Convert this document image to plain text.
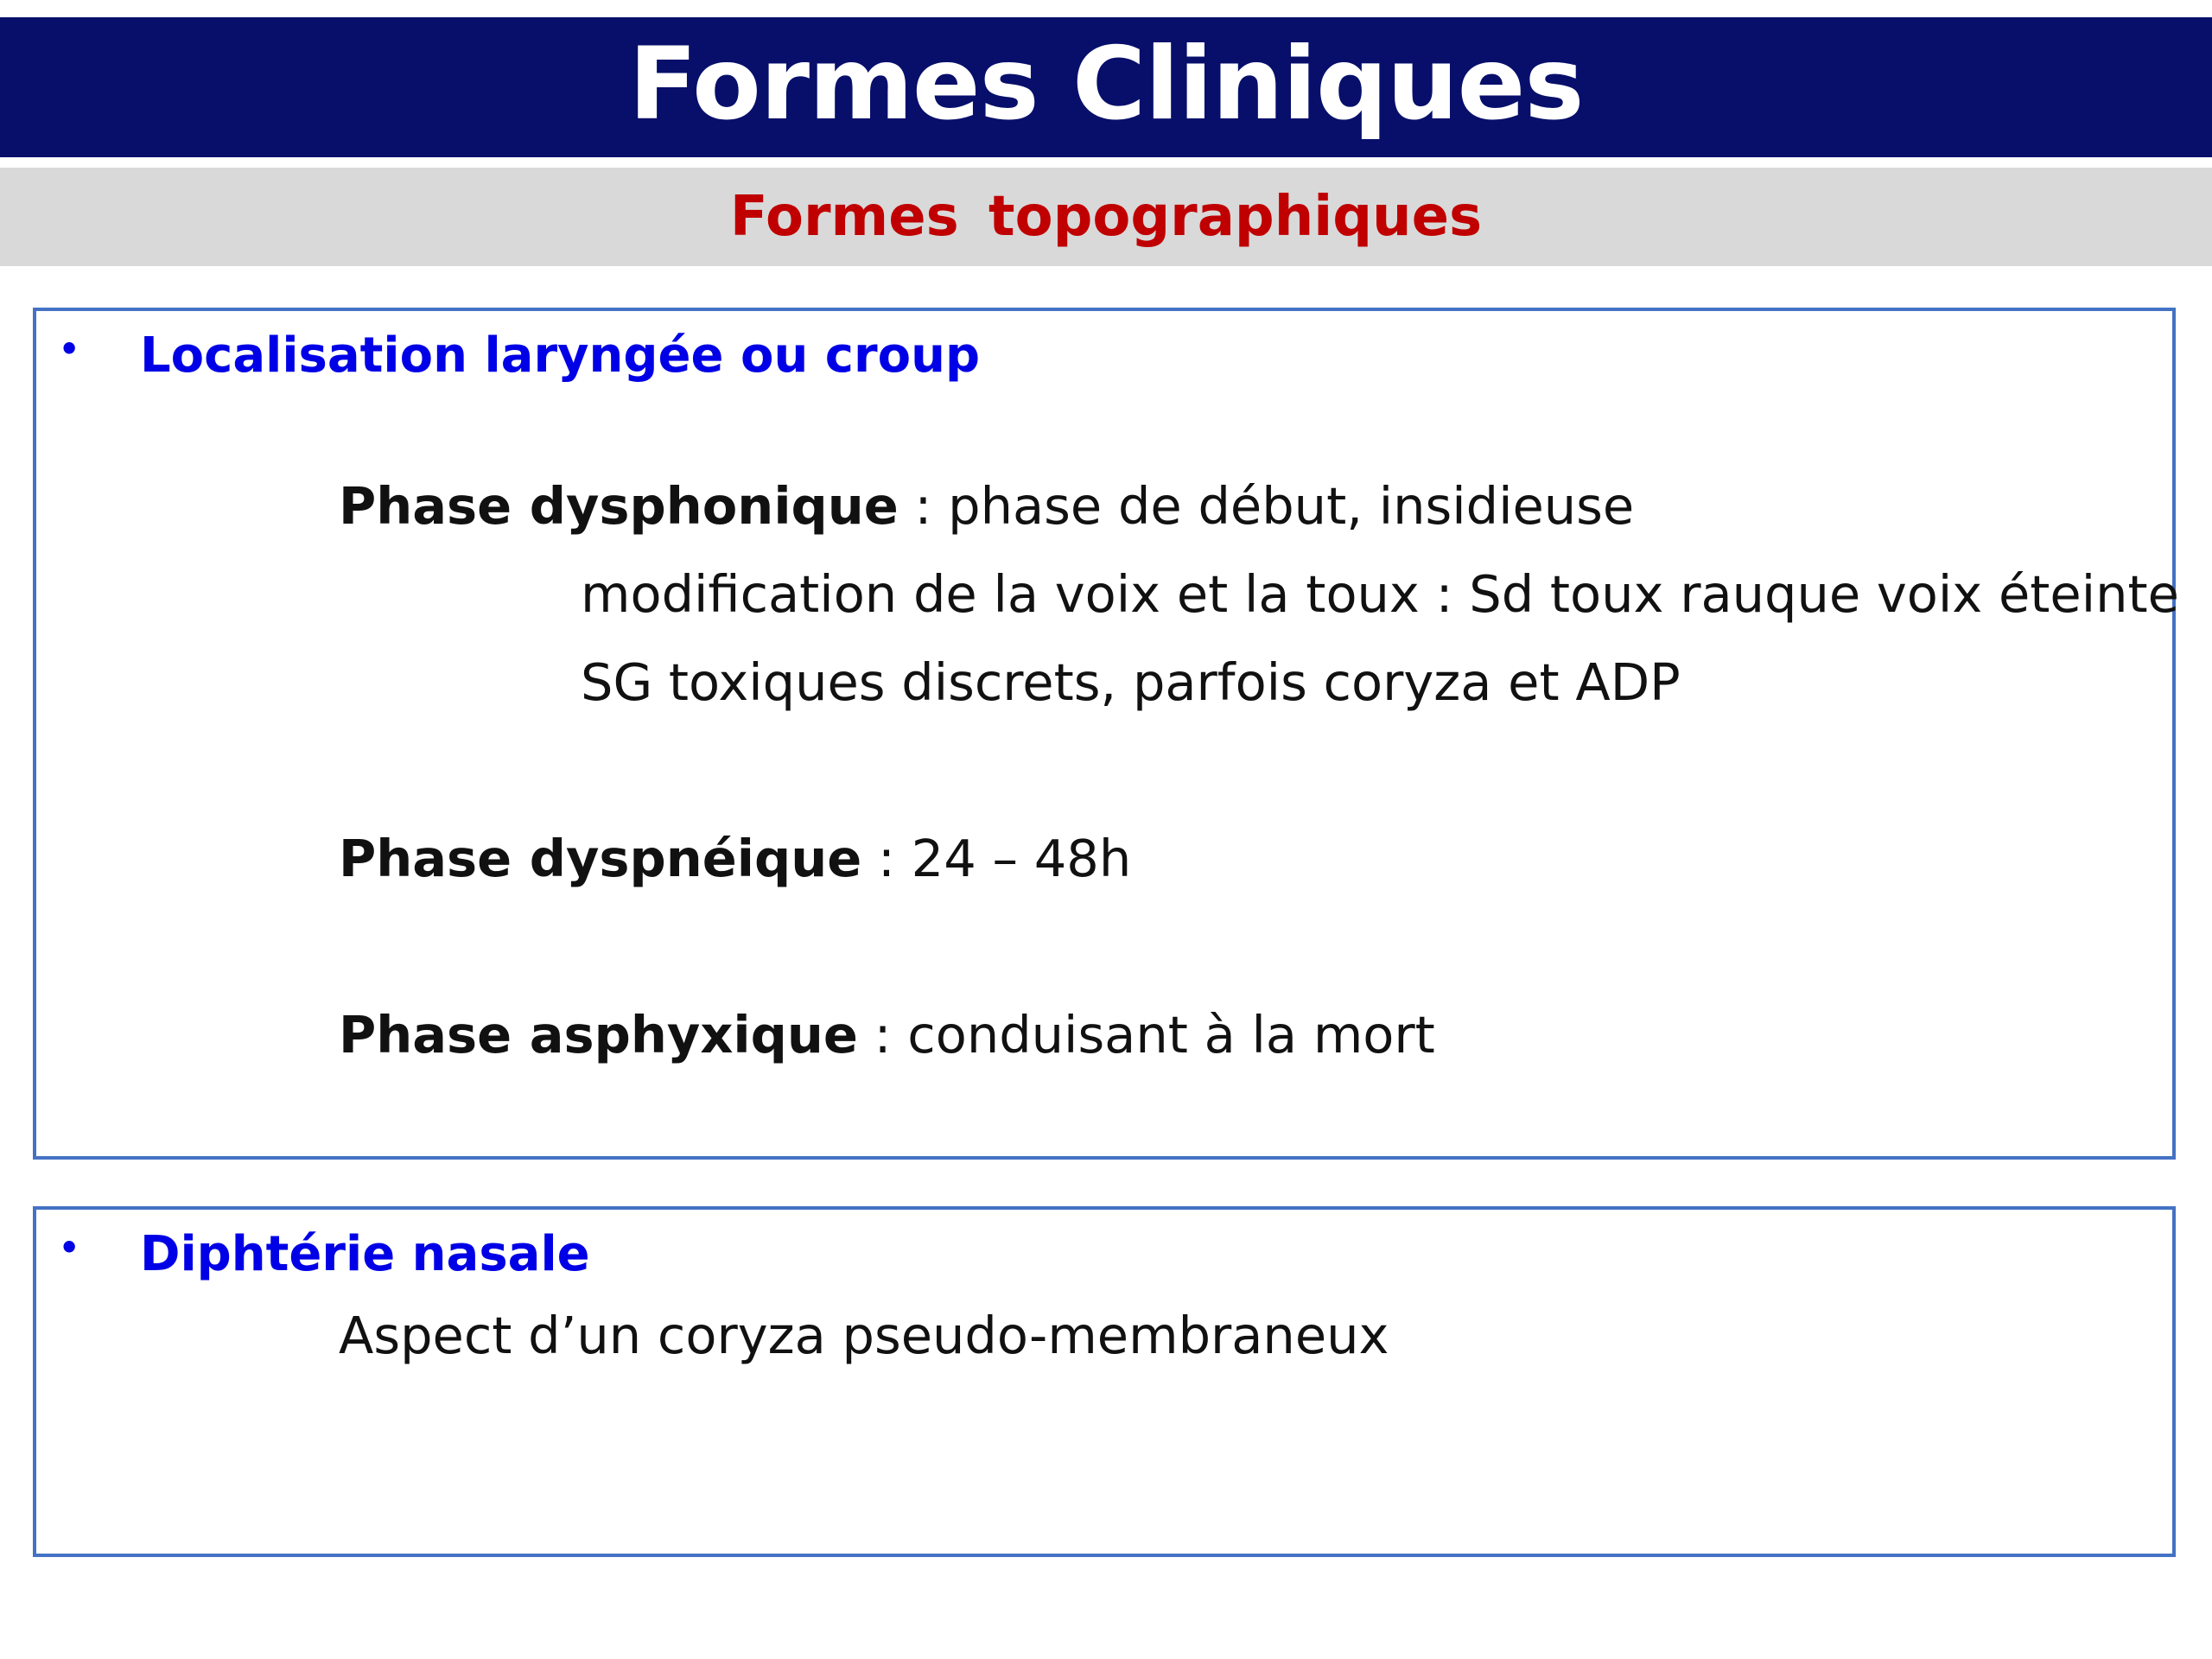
Formes Cliniques
Formes topographiques
• Localisation laryngée ou croup
Phase dysphonique : phase de début, insidieuse
modification de la voix et la toux : Sd toux rauque voix éteinte
SG toxiques discrets, parfois coryza et ADP
Phase dyspnéique : 24 – 48h
Phase asphyxique : conduisant à la mort
• Diphtérie nasale
Aspect d’un coryza pseudo-membraneux
